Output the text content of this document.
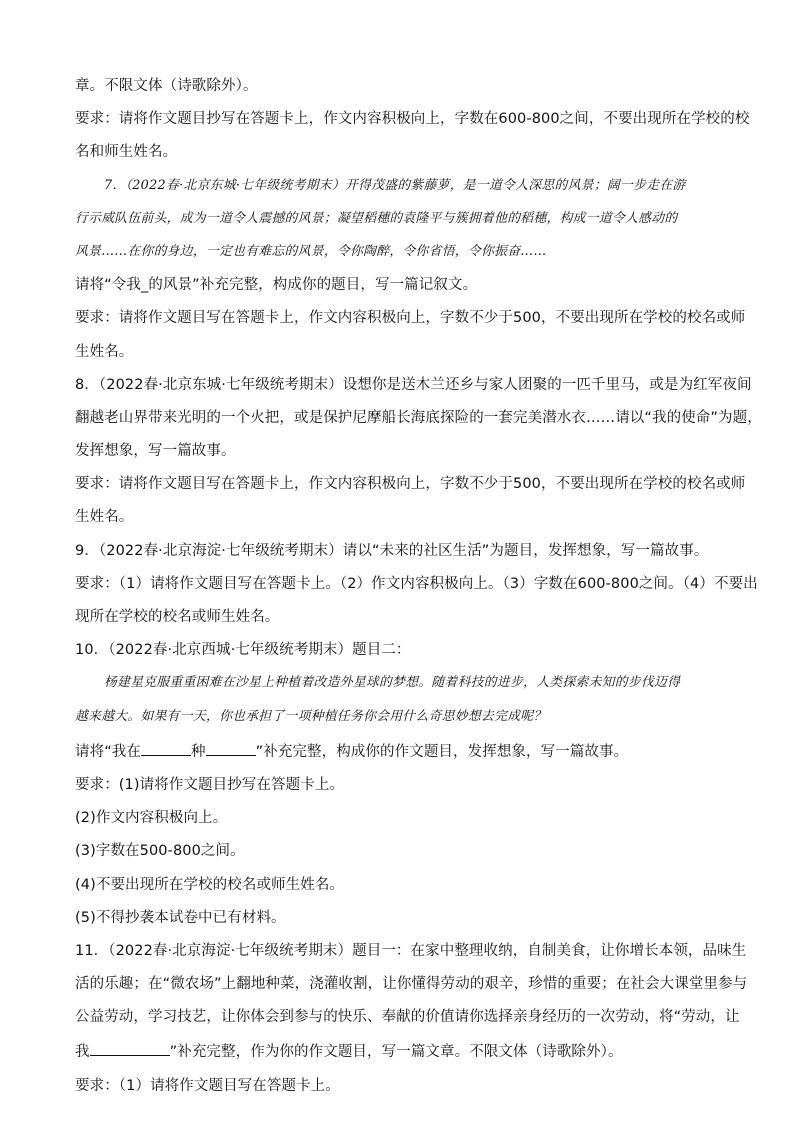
章。不限文体（诗歌除外）。
要求：请将作文题目抄写在答题卡上，作文内容积极向上，字数在600-800之间，不要出现所在学校的校
名和师生姓名。
7．（2022春·北京东城·七年级统考期末）开得茂盛的紫藤萝，是一道令人深思的风景；阔一步走在游
行示威队伍前头，成为一道令人震撼的风景；凝望稻穗的袁隆平与簇拥着他的稻穗，构成一道令人感动的
风景……在你的身边，一定也有难忘的风景，令你陶醉，令你省悟，令你振奋……
请将“令我_的风景”补充完整，构成你的题目，写一篇记叙文。
要求：请将作文题目写在答题卡上，作文内容积极向上，字数不少于500，不要出现所在学校的校名或师
生姓名。
8．（2022春·北京东城·七年级统考期末）设想你是送木兰还乡与家人团聚的一匹千里马，或是为红军夜间
翻越老山界带来光明的一个火把，或是保护尼摩船长海底探险的一套完美潜水衣……请以“我的使命”为题，
发挥想象，写一篇故事。
要求：请将作文题目写在答题卡上，作文内容积极向上，字数不少于500，不要出现所在学校的校名或师
生姓名。
9．（2022春·北京海淀·七年级统考期末）请以“未来的社区生活”为题目，发挥想象，写一篇故事。
要求：（1）请将作文题目写在答题卡上。（2）作文内容积极向上。（3）字数在600-800之间。（4）不要出
现所在学校的校名或师生姓名。
10．（2022春·北京西城·七年级统考期末）题目二：
杨建星克服重重困难在沙星上种植着改造外星球的梦想。随着科技的进步，人类探索未知的步伐迈得
越来越大。如果有一天，你也承担了一项种植任务你会用什么奇思妙想去完成呢？
请将“我在	种	”补充完整，构成你的作文题目，发挥想象，写一篇故事。
要求：(1)请将作文题目抄写在答题卡上。
(2)作文内容积极向上。
(3)字数在500-800之间。
(4)不要出现所在学校的校名或师生姓名。
(5)不得抄袭本试卷中已有材料。
11．（2022春·北京海淀·七年级统考期末）题目一：在家中整理收纳，自制美食，让你增长本领，品味生
活的乐趣；在“微农场”上翻地种菜，浇灌收割，让你懂得劳动的艰辛，珍惜的重要；在社会大课堂里参与
公益劳动，学习技艺，让你体会到参与的快乐、奉献的价值请你选择亲身经历的一次劳动，将“劳动，让
我	”补充完整，作为你的作文题目，写一篇文章。不限文体（诗歌除外）。
要求：（1）请将作文题目写在答题卡上。
